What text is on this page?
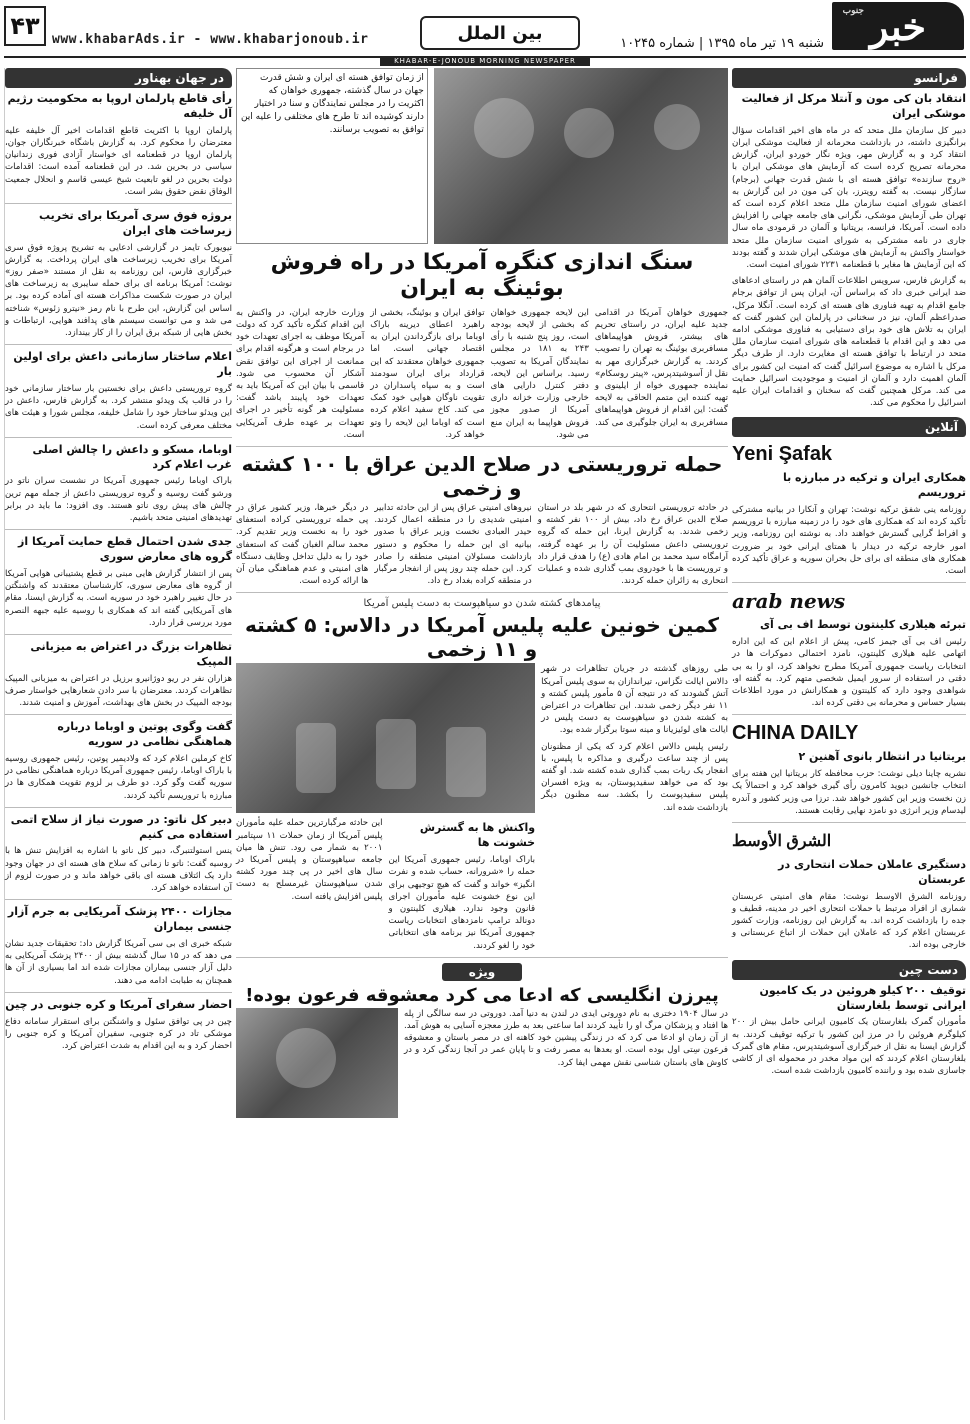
۴۳ www.khabarAds.ir - www.khabarjonoub.ir	بین الملل	شنبه ۱۹ تیر ماه ۱۳۹۵ | شماره ۱۰۲۴۵
جنوب خبر
KHABAR-E-JONOUB MORNING NEWSPAPER
فرانسو
انتقاد بان کی مون و آنتلا مرکل از فعالیت موشکی ایران

دبیر کل سازمان ملل متحد که در ماه های اخیر اقدامات سؤال برانگیزی داشته، در بازداشت محرمانه از فعالیت موشکی ایران انتقاد کرد و به گزارش مهر، ویژه نگار خوردو ایران، گزارش محرمانه تصریح کرده است که آزمایش های موشکی ایران با «روح سازنده» توافق هسته ای با شش قدرت جهانی (برجام) سازگار نیست. به گفته رویترز، بان کی مون در این گزارش به اعضای شورای امنیت سازمان ملل متحد اعلام کرده است که تهران طی آزمایش موشکی، نگرانی های جامعه جهانی را افزایش داده است. آمریکا، فرانسه، بریتانیا و آلمان در قرمودی ماه سال جاری در نامه مشترکی به شورای امنیت سازمان ملل متحد خواستار واکنش به آزمایش های موشکی ایران شدند و گفته بودند که این آزمایش ها مغایر با قطعنامه ۲۲۳۱ شورای امنیت است.

به گزارش فارس، سرویس اطلاعات آلمان هم در راستای ادعاهای ضد ایرانی خبری داد که براساس آن، ایران پس از توافق برجام جامع اقدام به تهیه فناوری های هسته ای کرده است. آنگلا مرکل، صدراعظم آلمان، نیز در سخنانی در پارلمان این کشور گفت که ایران به تلاش های خود برای دستیابی به فناوری موشکی ادامه می دهد و این اقدام با قطعنامه های شورای امنیت سازمان ملل متحد در ارتباط با توافق هسته ای مغایرت دارد. از طرف دیگر مرکل با اشاره به موضوع اسرائیل گفت که امنیت این کشور برای آلمان اهمیت دارد و آلمان از امنیت و موجودیت اسرائیل حمایت می کند. مرکل همچنین گفت که سخنان و اقدامات ایران علیه اسرائیل را محکوم می کند.

آنلاین
Yeni Şafak
همکاری ایران و ترکیه در مبارزه با تروریسم

روزنامه ینی شفق ترکیه نوشت: تهران و آنکارا در بیانیه مشترکی تأکید کرده اند که همکاری های خود را در زمینه مبارزه با تروریسم و افراط گرایی گسترش خواهند داد. به نوشته این روزنامه، وزیر امور خارجه ترکیه در دیدار با همتای ایرانی خود بر ضرورت همکاری های منطقه ای برای حل بحران سوریه و عراق تأکید کرده است.

arab news
تبرئه هیلاری کلینتون توسط اف بی آی

رئیس اف بی آی جیمز کامی، پیش از اعلام این که این اداره اتهامی علیه هیلاری کلینتون، نامزد احتمالی دموکرات ها در انتخابات ریاست جمهوری آمریکا مطرح نخواهد کرد، او را به بی دقتی در استفاده از سرور ایمیل شخصی متهم کرد. به گفته او، شواهدی وجود دارد که کلینتون و همکارانش در مورد اطلاعات بسیار حساس و محرمانه بی دقتی کرده اند.

CHINA DAILY
بریتانیا در انتظار بانوی آهنین ۲

نشریه چاینا دیلی نوشت: حزب محافظه کار بریتانیا این هفته برای انتخاب جانشین دیوید کامرون رأی گیری خواهد کرد و احتمالاً یک زن نخست وزیر این کشور خواهد شد. ترزا می وزیر کشور و آندره لیدسام وزیر انرژی دو نامزد نهایی رقابت هستند.

الشرق الأوسط
دستگیری عاملان حملات انتحاری در عربستان

روزنامه الشرق الاوسط نوشت: مقام های امنیتی عربستان شماری از افراد مرتبط با حملات انتحاری اخیر در مدینه، قطیف و جده را بازداشت کرده اند. به گزارش این روزنامه، وزارت کشور عربستان اعلام کرد که عاملان این حملات از اتباع عربستانی و خارجی بوده اند.

دست چین
توقیف ۲۰۰ کیلو هروئین در یک کامیون ایرانی توسط بلغارستان

مأموران گمرک بلغارستان یک کامیون ایرانی حامل بیش از ۲۰۰ کیلوگرم هروئین را در مرز این کشور با ترکیه توقیف کردند. به گزارش ایسنا به نقل از خبرگزاری آسوشیتدپرس، مقام های گمرک بلغارستان اعلام کردند که این مواد مخدر در محموله ای از کاشی جاسازی شده بود و راننده کامیون بازداشت شده است.

از زمان توافق هسته ای ایران و شش قدرت جهان در سال گذشته، جمهوری خواهان که اکثریت را در مجلس نمایندگان و سنا در اختیار دارند کوشیده اند تا طرح های مختلفی را علیه این توافق به تصویب برسانند.
سنگ اندازی کنگره آمریکا در راه فروش بوئینگ به ایران

جمهوری خواهان آمریکا در اقدامی جدید علیه ایران، در راستای تحریم های بیشتر، فروش هواپیماهای مسافربری بوئینگ به تهران را تصویب کردند. به گزارش خبرگزاری مهر به نقل از آسوشیتدپرس، «پیتر روسکام» نماینده جمهوری خواه از ایلینوی و تهیه کننده این متمم الحاقی به لایحه گفت: این اقدام از فروش هواپیماهای مسافربری به ایران جلوگیری می کند.

این لایحه جمهوری خواهان که بخشی از لایحه بودجه است، روز پنج شنبه با رأی ۲۴۳ به ۱۸۱ در مجلس نمایندگان آمریکا به تصویب رسید. براساس این لایحه، دفتر کنترل دارایی های خارجی وزارت خزانه داری آمریکا از صدور مجوز فروش هواپیما به ایران منع می شود.

توافق ایران و بوئینگ، بخشی از راهبرد اعطای دیرینه باراک اوباما برای بازگرداندن ایران به اقتصاد جهانی است. اما جمهوری خواهان معتقدند که این قرارداد برای ایران سودمند است و به سپاه پاسداران در تقویت ناوگان هوایی خود کمک می کند. کاخ سفید اعلام کرده است که اوباما این لایحه را وتو خواهد کرد.

وزارت خارجه ایران، در واکنش به این اقدام کنگره تأکید کرد که دولت آمریکا موظف به اجرای تعهدات خود در برجام است و هرگونه اقدام برای ممانعت از اجرای این توافق نقض آشکار آن محسوب می شود. قاسمی با بیان این که آمریکا باید به تعهدات خود پایبند باشد گفت: مسئولیت هر گونه تأخیر در اجرای تعهدات بر عهده طرف آمریکایی است.

حمله تروریستی در صلاح الدین عراق با ۱۰۰ کشته و زخمی

در حادثه تروریستی انتحاری که در شهر بلد در استان صلاح الدین عراق رخ داد، بیش از ۱۰۰ نفر کشته و زخمی شدند. به گزارش ایرنا، این حمله که گروه تروریستی داعش مسئولیت آن را بر عهده گرفته، آرامگاه سید محمد بن امام هادی (ع) را هدف قرار داد و تروریست ها با خودروی بمب گذاری شده و عملیات انتحاری به زائران حمله کردند.

نیروهای امنیتی عراق پس از این حادثه تدابیر امنیتی شدیدی را در منطقه اعمال کردند. حیدر العبادی نخست وزیر عراق با صدور بیانیه ای این حمله را محکوم و دستور بازداشت مسئولان امنیتی منطقه را صادر کرد. این حمله چند روز پس از انفجار مرگبار در منطقه کراده بغداد رخ داد.

در دیگر خبرها، وزیر کشور عراق در پی حمله تروریستی کراده استعفای خود را به نخست وزیر تقدیم کرد. محمد سالم الغبان گفت که استعفای خود را به دلیل تداخل وظایف دستگاه های امنیتی و عدم هماهنگی میان آن ها ارائه کرده است.

پیامدهای کشته شدن دو سیاهپوست به دست پلیس آمریکا
کمین خونین علیه پلیس آمریکا در دالاس: ۵ کشته و ۱۱ زخمی

طی روزهای گذشته در جریان تظاهرات در شهر دالاس ایالت تگزاس، تیراندازان به سوی پلیس آمریکا آتش گشودند که در نتیجه آن ۵ مأمور پلیس کشته و ۱۱ نفر دیگر زخمی شدند. این تظاهرات در اعتراض به کشته شدن دو سیاهپوست به دست پلیس در ایالت های لوئیزیانا و مینه سوتا برگزار شده بود.

رئیس پلیس دالاس اعلام کرد که یکی از مظنونان پس از چند ساعت درگیری و مذاکره با پلیس، با انفجار یک ربات بمب گذاری شده کشته شد. او گفته بود که می خواهد سفیدپوستان، به ویژه افسران پلیس سفیدپوست را بکشد. سه مظنون دیگر بازداشت شده اند.

واکنش ها به گسترش خشونت ها

باراک اوباما، رئیس جمهوری آمریکا این حمله را «شرورانه، حساب شده و نفرت انگیز» خواند و گفت که هیچ توجیهی برای این نوع خشونت علیه مأموران اجرای قانون وجود ندارد. هیلاری کلینتون و دونالد ترامپ نامزدهای انتخابات ریاست جمهوری آمریکا نیز برنامه های انتخاباتی خود را لغو کردند.

این حادثه مرگبارترین حمله علیه مأموران پلیس آمریکا از زمان حملات ۱۱ سپتامبر ۲۰۰۱ به شمار می رود. تنش ها میان جامعه سیاهپوستان و پلیس آمریکا در سال های اخیر در پی چند مورد کشته شدن سیاهپوستان غیرمسلح به دست پلیس افزایش یافته است.

ویژه
پیرزن انگلیسی که ادعا می کرد معشوقه فرعون بوده!

در سال ۱۹۰۴ دختری به نام دوروتی ایدی در لندن به دنیا آمد. دوروتی در سه سالگی از پله ها افتاد و پزشکان مرگ او را تأیید کردند اما ساعتی بعد به طرز معجزه آسایی به هوش آمد. از آن زمان او ادعا می کرد که در زندگی پیشین خود کاهنه ای در مصر باستان و معشوقه فرعون سِتی اول بوده است. او بعدها به مصر رفت و تا پایان عمر در آنجا زندگی کرد و در کاوش های باستان شناسی نقش مهمی ایفا کرد.

در جهان بهناور
رأی قاطع پارلمان اروپا به محکومیت رژیم آل خلیفه

پارلمان اروپا با اکثریت قاطع اقدامات اخیر آل خلیفه علیه معترضان را محکوم کرد. به گزارش باشگاه خبرنگاران جوان، پارلمان اروپا در قطعنامه ای خواستار آزادی فوری زندانیان سیاسی در بحرین شد. در این قطعنامه آمده است: اقدامات دولت بحرین در لغو تابعیت شیخ عیسی قاسم و انحلال جمعیت الوفاق نقض حقوق بشر است.

بروژه فوق سری آمریکا برای تخریب زیرساخت های ایران

نیویورک تایمز در گزارشی ادعایی به تشریح پروژه فوق سری آمریکا برای تخریب زیرساخت های ایران پرداخت. به گزارش خبرگزاری فارس، این روزنامه به نقل از مستند «صفر روز» نوشت: آمریکا برنامه ای برای حمله سایبری به زیرساخت های ایران در صورت شکست مذاکرات هسته ای آماده کرده بود. بر اساس این گزارش، این طرح با نام رمز «نیترو زئوس» شناخته می شد و می توانست سیستم های پدافند هوایی، ارتباطات و بخش هایی از شبکه برق ایران را از کار بیندازد.

اعلام ساختار سازمانی داعش برای اولین بار

گروه تروریستی داعش برای نخستین بار ساختار سازمانی خود را در قالب یک ویدئو منتشر کرد. به گزارش فارس، داعش در این ویدئو ساختار خود را شامل خلیفه، مجلس شورا و هیئت های مختلف معرفی کرده است.

اوباما، مسکو و داعش را چالش اصلی غرب اعلام کرد

باراک اوباما رئیس جمهوری آمریکا در نشست سران ناتو در ورشو گفت روسیه و گروه تروریستی داعش از جمله مهم ترین چالش های پیش روی ناتو هستند. وی افزود: ما باید در برابر تهدیدهای امنیتی متحد باشیم.

جدی شدن احتمال قطع حمایت آمریکا از گروه های معارض سوری

پس از انتشار گزارش هایی مبنی بر قطع پشتیبانی هوایی آمریکا از گروه های معارض سوری، کارشناسان معتقدند که واشنگتن در حال تغییر راهبرد خود در سوریه است. به گزارش ایسنا، مقام های آمریکایی گفته اند که همکاری با روسیه علیه جبهه النصره مورد بررسی قرار دارد.

تظاهرات بزرگ در اعتراض به میزبانی المپیک

هزاران نفر در ریو دوژانیرو برزیل در اعتراض به میزبانی المپیک تظاهرات کردند. معترضان با سر دادن شعارهایی خواستار صرف بودجه المپیک در بخش های بهداشت، آموزش و امنیت شدند.

گفت وگوی پوتین و اوباما درباره هماهنگی نظامی در سوریه

کاخ کرملین اعلام کرد که ولادیمیر پوتین، رئیس جمهوری روسیه با باراک اوباما، رئیس جمهوری آمریکا درباره هماهنگی نظامی در سوریه گفت وگو کرد. دو طرف بر لزوم تقویت همکاری ها در مبارزه با تروریسم تأکید کردند.

دبیر کل ناتو: در صورت نیاز از سلاح اتمی استفاده می کنیم

ینس استولتنبرگ، دبیر کل ناتو با اشاره به افزایش تنش ها با روسیه گفت: ناتو تا زمانی که سلاح های هسته ای در جهان وجود دارد یک ائتلاف هسته ای باقی خواهد ماند و در صورت لزوم از آن استفاده خواهد کرد.

مجازات ۲۴۰۰ پزشک آمریکایی به جرم آزار جنسی بیماران

شبکه خبری ای بی سی آمریکا گزارش داد: تحقیقات جدید نشان می دهد که در ۱۵ سال گذشته بیش از ۲۴۰۰ پزشک آمریکایی به دلیل آزار جنسی بیماران مجازات شده اند اما بسیاری از آن ها همچنان به طبابت ادامه می دهند.

احضار سفرای آمریکا و کره جنوبی در چین

چین در پی توافق سئول و واشنگتن برای استقرار سامانه دفاع موشکی تاد در کره جنوبی، سفیران آمریکا و کره جنوبی را احضار کرد و به این اقدام به شدت اعتراض کرد.
